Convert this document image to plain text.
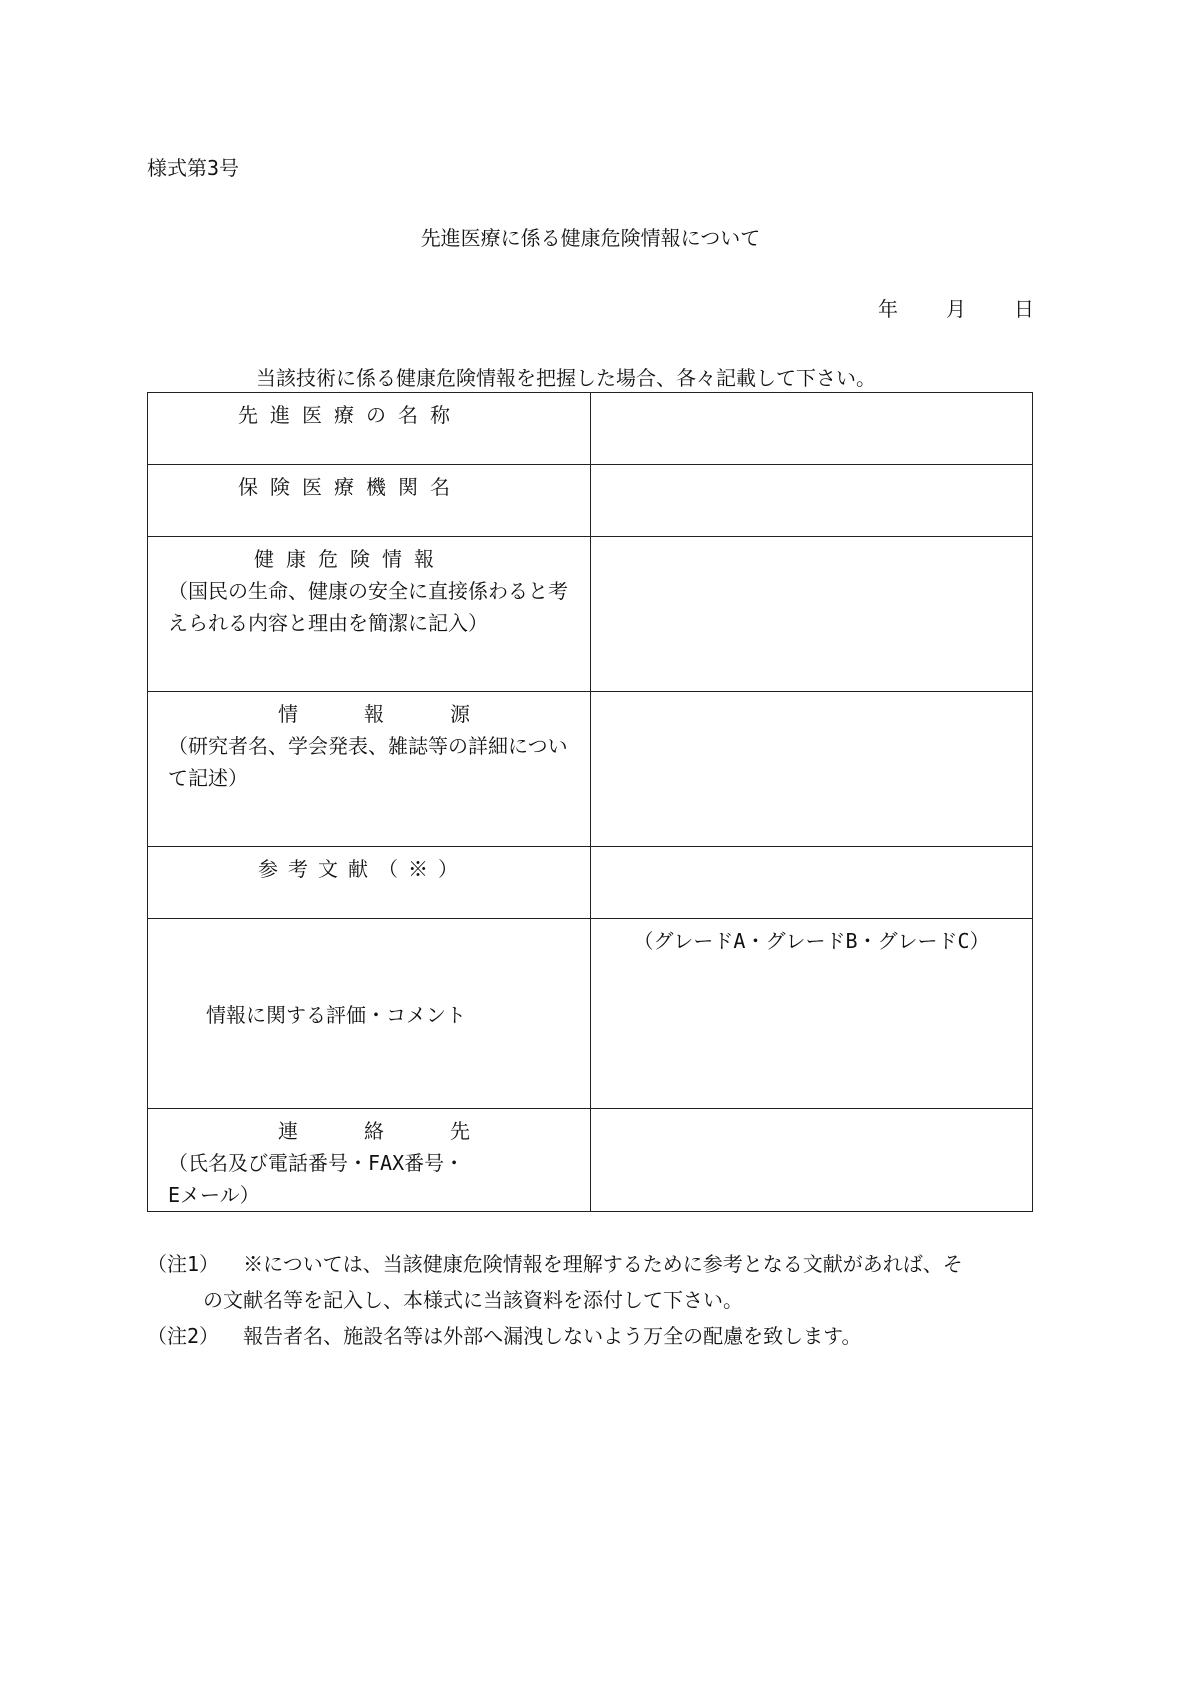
様式第3号
先進医療に係る健康危険情報について
年 月 日
当該技術に係る健康危険情報を把握した場合、各々記載して下さい。
先進医療の名称	

保険医療機関名	

健康危険情報
（国民の生命、健康の安全に直接係わると考えられる内容と理由を簡潔に記入）	

情 報 源
（研究者名、学会発表、雑誌等の詳細について記述）	

参考文献（※）	

情報に関する評価・コメント	（グレードA・グレードB・グレードC）

連 絡 先
（氏名及び電話番号・FAX番号・Eメール）	

（注1） ※については、当該健康危険情報を理解するために参考となる文献があれば、そ
の文献名等を記入し、本様式に当該資料を添付して下さい。
（注2） 報告者名、施設名等は外部へ漏洩しないよう万全の配慮を致します。
